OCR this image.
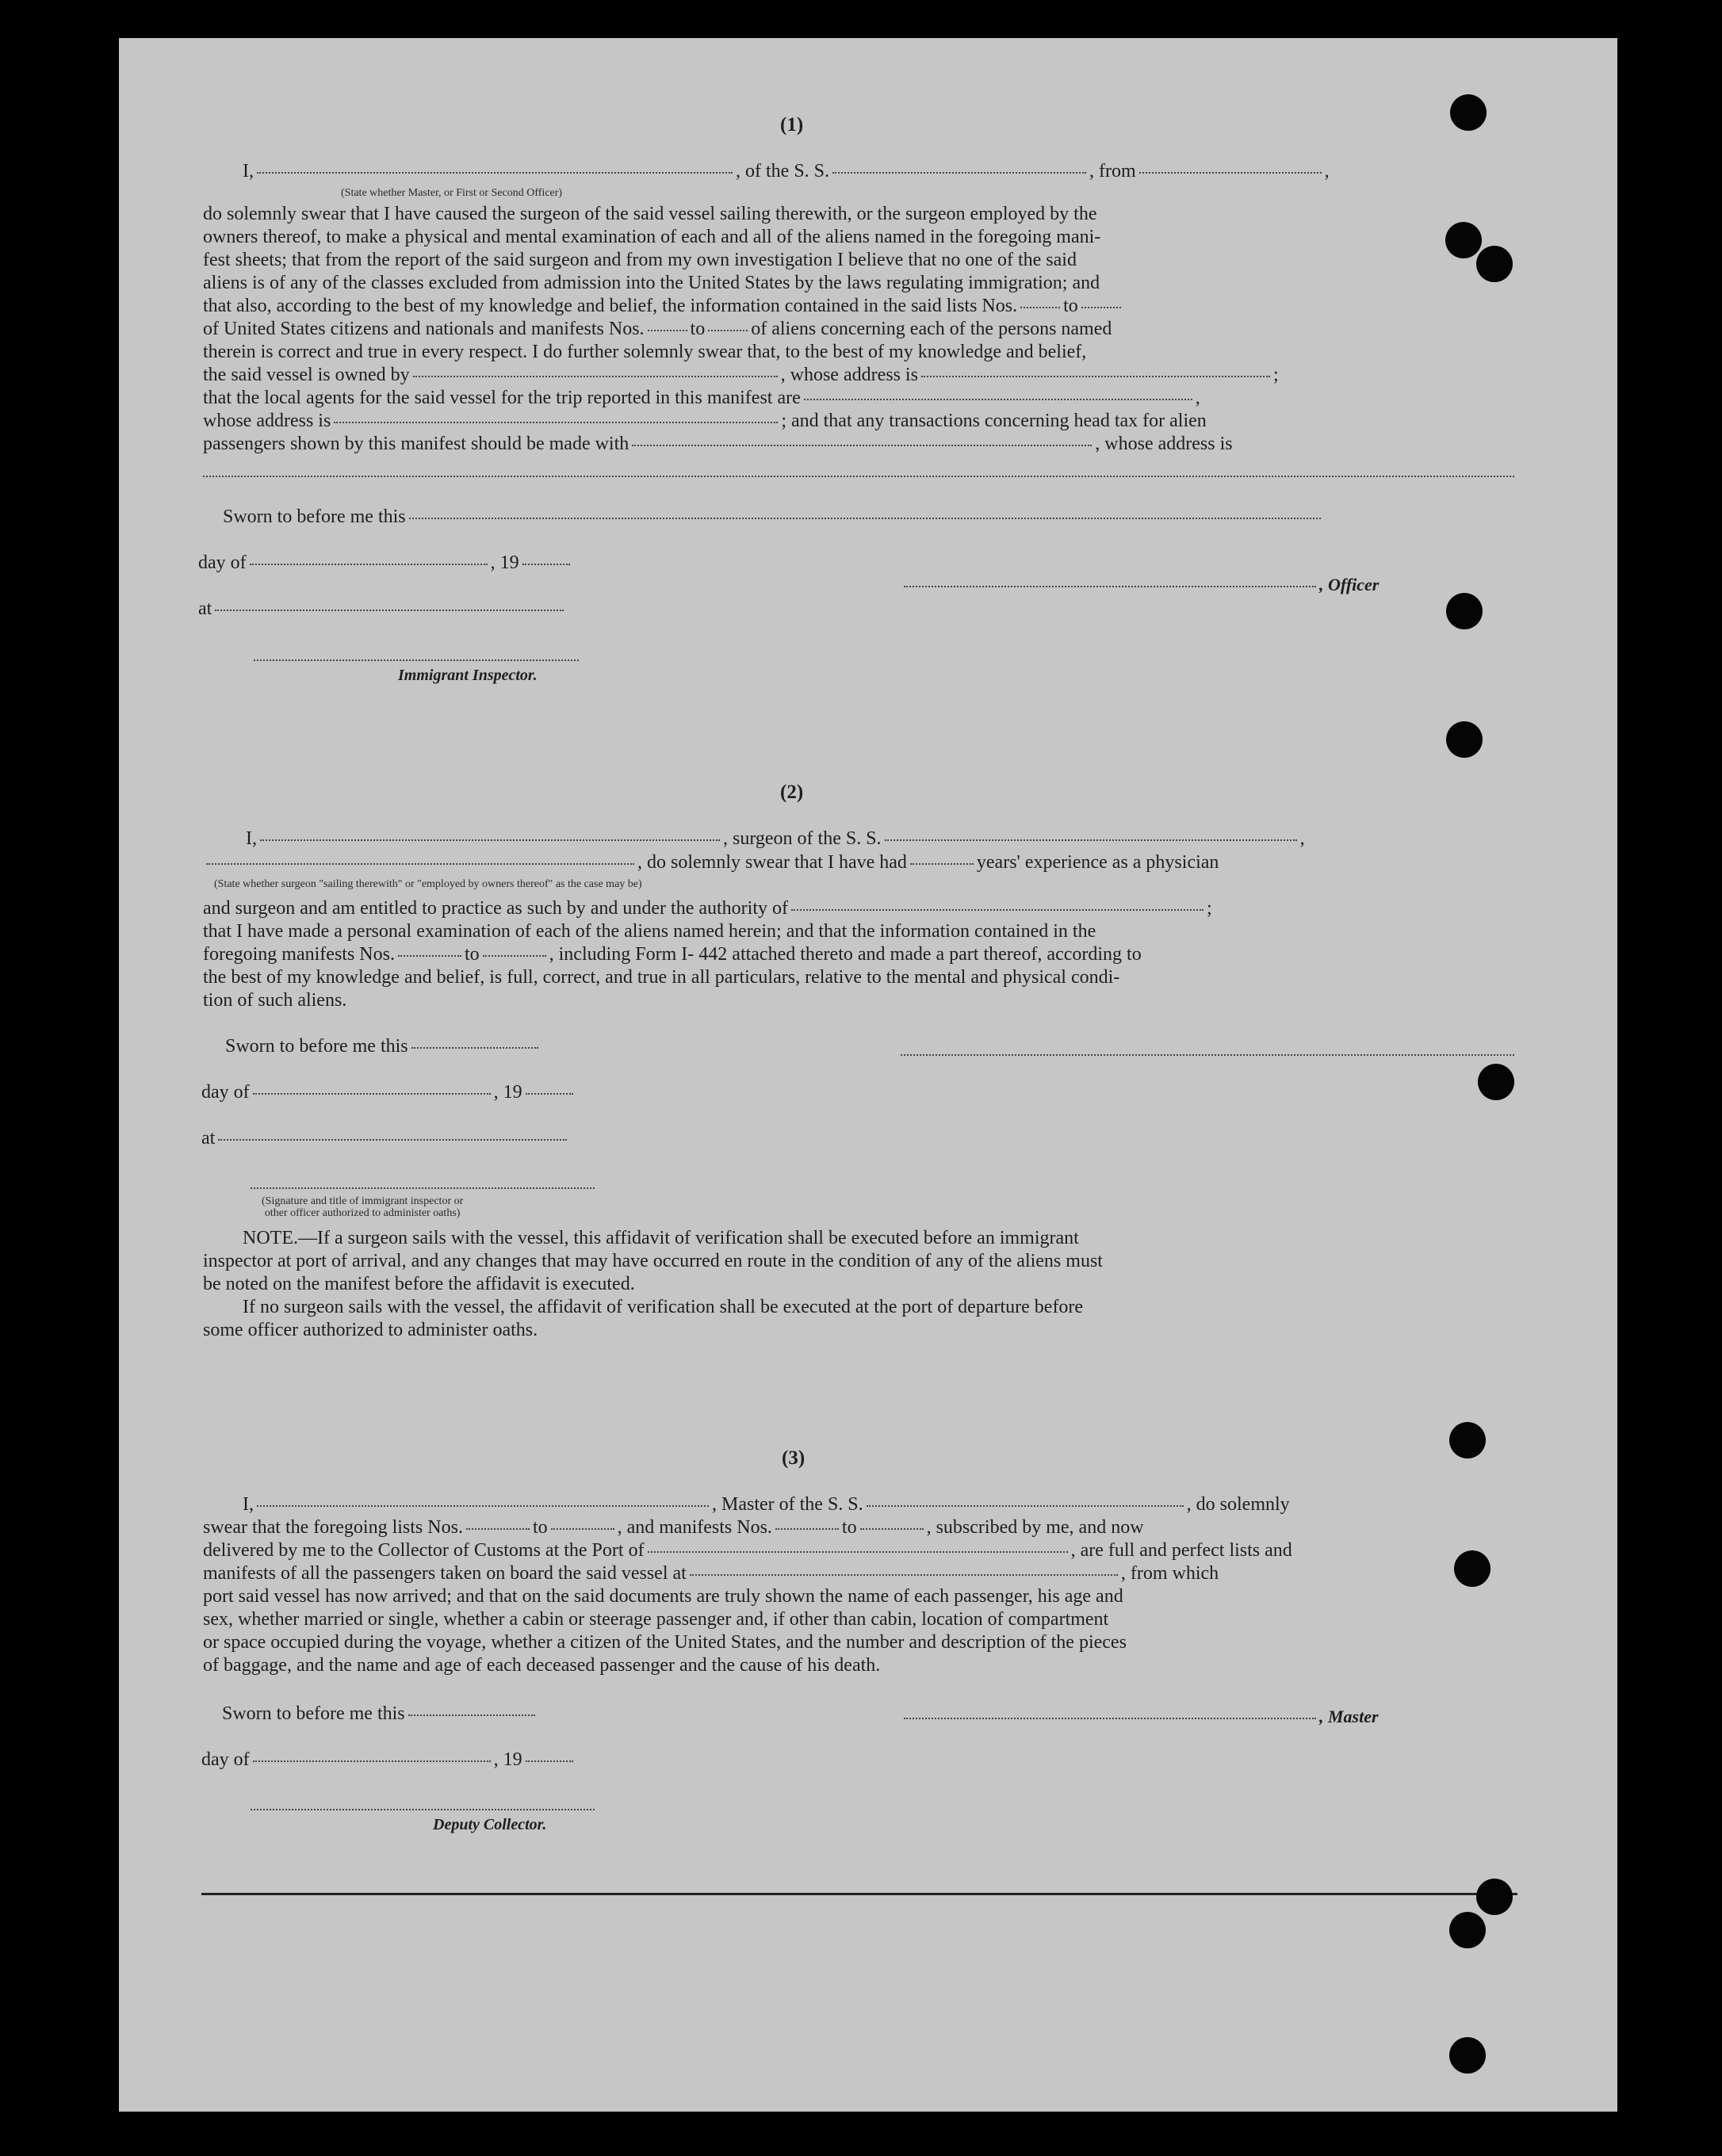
(1)
I,	, of the S. S.	, from	,
(State whether Master, or First or Second Officer)
do solemnly swear that I have caused the surgeon of the said vessel sailing therewith, or the surgeon employed by the
owners thereof, to make a physical and mental examination of each and all of the aliens named in the foregoing mani-
fest sheets; that from the report of the said surgeon and from my own investigation I believe that no one of the said
aliens is of any of the classes excluded from admission into the United States by the laws regulating immigration; and
that also, according to the best of my knowledge and belief, the information contained in the said lists Nos. to
of United States citizens and nationals and manifests Nos. to of aliens concerning each of the persons named
therein is correct and true in every respect. I do further solemnly swear that, to the best of my knowledge and belief,
the said vessel is owned by	, whose address is	;
that the local agents for the said vessel for the trip reported in this manifest are	,
whose address is	; and that any transactions concerning head tax for alien
passengers shown by this manifest should be made with	, whose address is
Sworn to before me this
day of	, 19
, Officer
at
Immigrant Inspector.
(2)
I,	, surgeon of the S. S.	,
, do solemnly swear that I have had	years' experience as a physician
(State whether surgeon "sailing therewith" or "employed by owners thereof" as the case may be)
and surgeon and am entitled to practice as such by and under the authority of	;
that I have made a personal examination of each of the aliens named herein; and that the information contained in the
foregoing manifests Nos.	to	, including Form I- 442 attached thereto and made a part thereof, according to
the best of my knowledge and belief, is full, correct, and true in all particulars, relative to the mental and physical condi-
tion of such aliens.
Sworn to before me this
day of	, 19
at
(Signature and title of immigrant inspector or
other officer authorized to administer oaths)
NOTE.—If a surgeon sails with the vessel, this affidavit of verification shall be executed before an immigrant
inspector at port of arrival, and any changes that may have occurred en route in the condition of any of the aliens must
be noted on the manifest before the affidavit is executed.
If no surgeon sails with the vessel, the affidavit of verification shall be executed at the port of departure before
some officer authorized to administer oaths.
(3)
I,	, Master of the S. S.	, do solemnly
swear that the foregoing lists Nos.	to	, and manifests Nos.	to	, subscribed by me, and now
delivered by me to the Collector of Customs at the Port of	, are full and perfect lists and
manifests of all the passengers taken on board the said vessel at	, from which
port said vessel has now arrived; and that on the said documents are truly shown the name of each passenger, his age and
sex, whether married or single, whether a cabin or steerage passenger and, if other than cabin, location of compartment
or space occupied during the voyage, whether a citizen of the United States, and the number and description of the pieces
of baggage, and the name and age of each deceased passenger and the cause of his death.
Sworn to before me this	, Master
day of	, 19
Deputy Collector.
